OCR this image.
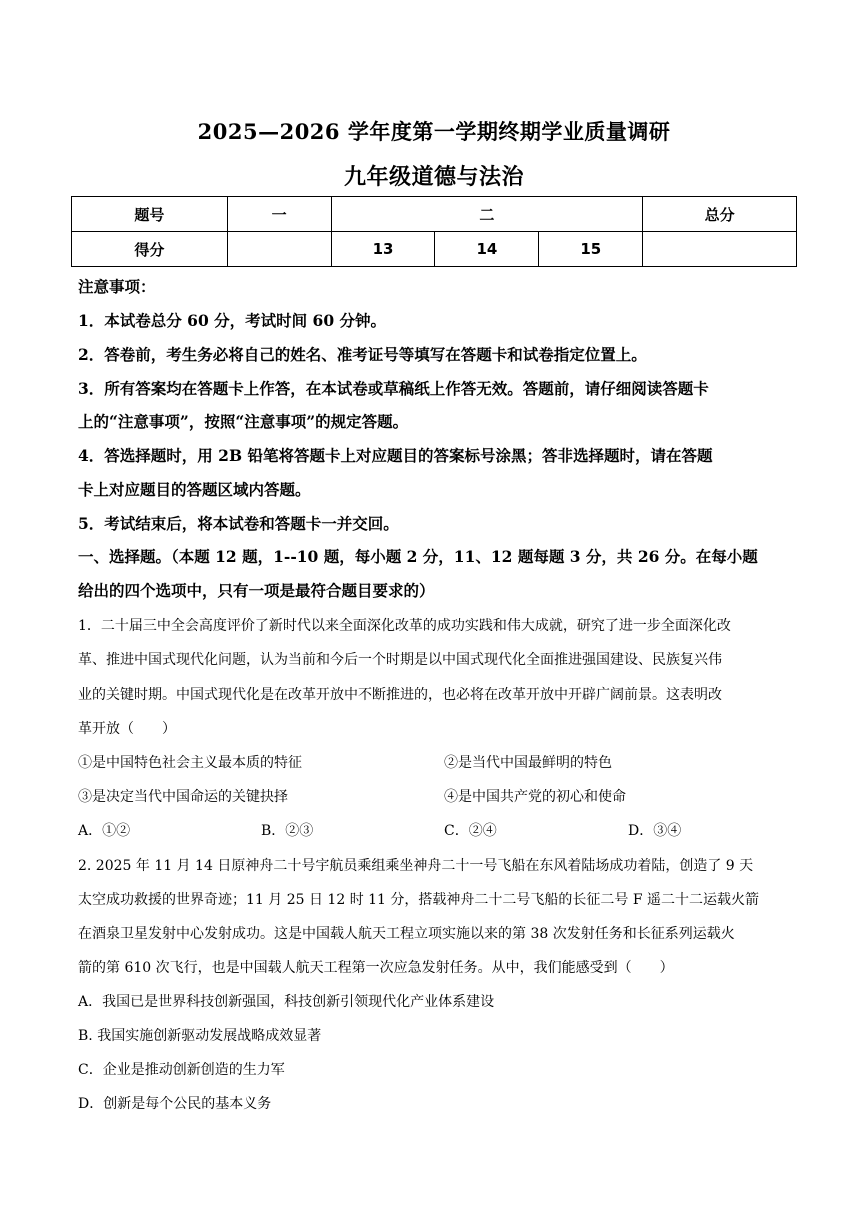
2025—2026 学年度第一学期终期学业质量调研
九年级道德与法治
题号	一	二			总分
得分		13	14	15	
注意事项：
1．本试卷总分 60 分，考试时间 60 分钟。
2．答卷前，考生务必将自己的姓名、准考证号等填写在答题卡和试卷指定位置上。
3．所有答案均在答题卡上作答，在本试卷或草稿纸上作答无效。答题前，请仔细阅读答题卡
上的“注意事项”，按照“注意事项”的规定答题。
4．答选择题时，用 2B 铅笔将答题卡上对应题目的答案标号涂黑；答非选择题时，请在答题
卡上对应题目的答题区域内答题。
5．考试结束后，将本试卷和答题卡一并交回。
一、选择题。（本题 12 题，1--10 题，每小题 2 分，11、12 题每题 3 分，共 26 分。在每小题
给出的四个选项中，只有一项是最符合题目要求的）
1．二十届三中全会高度评价了新时代以来全面深化改革的成功实践和伟大成就，研究了进一步全面深化改
革、推进中国式现代化问题，认为当前和今后一个时期是以中国式现代化全面推进强国建设、民族复兴伟
业的关键时期。中国式现代化是在改革开放中不断推进的，也必将在改革开放中开辟广阔前景。这表明改
革开放（　　）
①是中国特色社会主义最本质的特征	②是当代中国最鲜明的特色
③是决定当代中国命运的关键抉择	④是中国共产党的初心和使命
A．①②	B．②③	C．②④	D．③④
2. 2025 年 11 月 14 日原神舟二十号宇航员乘组乘坐神舟二十一号飞船在东风着陆场成功着陆，创造了 9 天
太空成功救援的世界奇迹；11 月 25 日 12 时 11 分，搭载神舟二十二号飞船的长征二号 F 遥二十二运载火箭
在酒泉卫星发射中心发射成功。这是中国载人航天工程立项实施以来的第 38 次发射任务和长征系列运载火
箭的第 610 次飞行，也是中国载人航天工程第一次应急发射任务。从中，我们能感受到（　　）
A．我国已是世界科技创新强国，科技创新引领现代化产业体系建设
B. 我国实施创新驱动发展战略成效显著
C．企业是推动创新创造的生力军
D．创新是每个公民的基本义务
